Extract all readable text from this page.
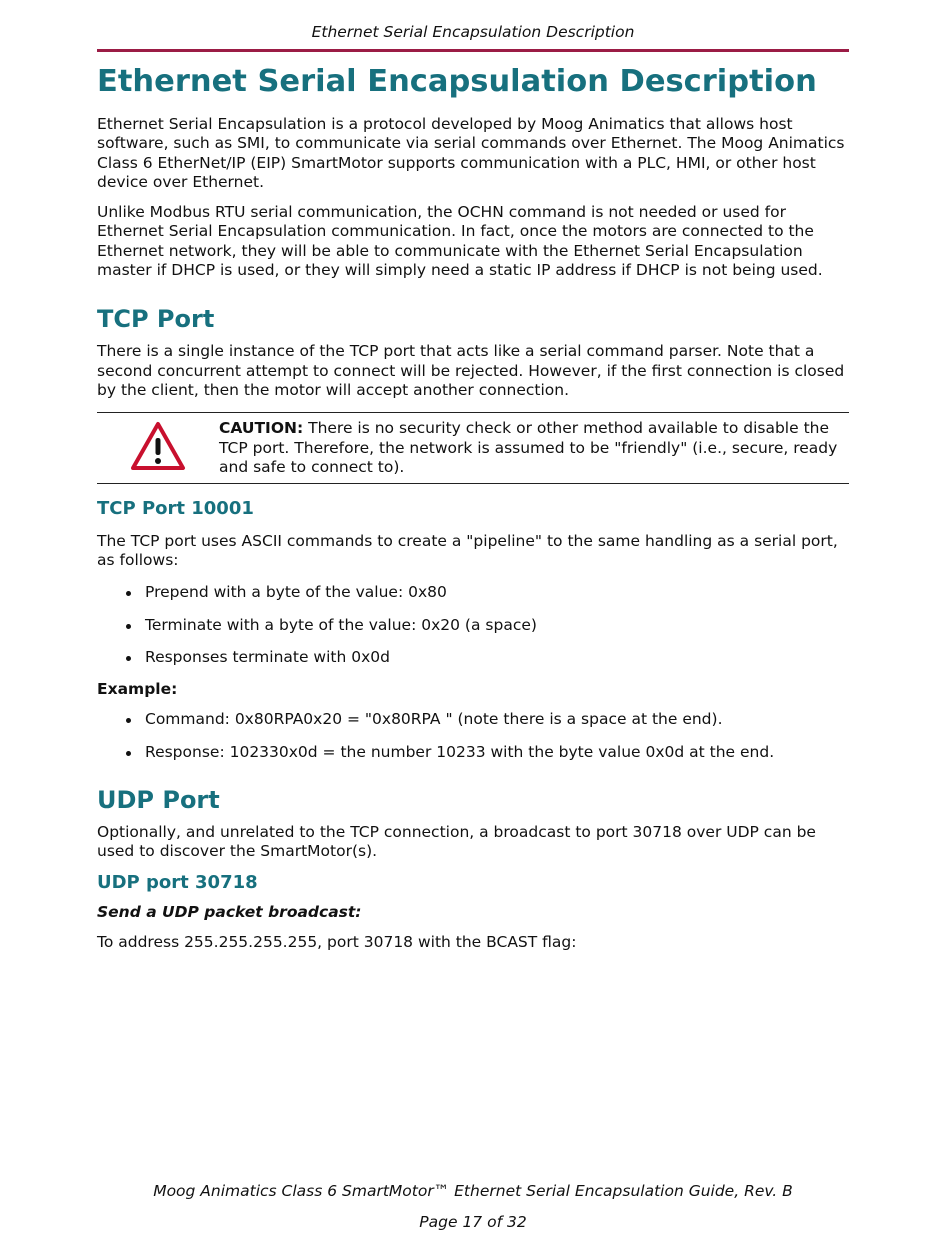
Ethernet Serial Encapsulation Description
Ethernet Serial Encapsulation Description

Ethernet Serial Encapsulation is a protocol developed by Moog Animatics that allows host software, such as SMI, to communicate via serial commands over Ethernet. The Moog Animatics Class 6 EtherNet/IP (EIP) SmartMotor supports communication with a PLC, HMI, or other host device over Ethernet.

Unlike Modbus RTU serial communication, the OCHN command is not needed or used for Ethernet Serial Encapsulation communication. In fact, once the motors are connected to the Ethernet network, they will be able to communicate with the Ethernet Serial Encapsulation master if DHCP is used, or they will simply need a static IP address if DHCP is not being used.

TCP Port

There is a single instance of the TCP port that acts like a serial command parser. Note that a second concurrent attempt to connect will be rejected. However, if the first connection is closed by the client, then the motor will accept another connection.

CAUTION: There is no security check or other method available to disable the TCP port. Therefore, the network is assumed to be "friendly" (i.e., secure, ready and safe to connect to).
TCP Port 10001

The TCP port uses ASCII commands to create a "pipeline" to the same handling as a serial port, as follows:

Prepend with a byte of the value: 0x80
Terminate with a byte of the value: 0x20 (a space)
Responses terminate with 0x0d

Example:

Command: 0x80RPA0x20 = "0x80RPA " (note there is a space at the end).
Response: 102330x0d = the number 10233 with the byte value 0x0d at the end.
UDP Port

Optionally, and unrelated to the TCP connection, a broadcast to port 30718 over UDP can be used to discover the SmartMotor(s).

UDP port 30718

Send a UDP packet broadcast:

To address 255.255.255.255, port 30718 with the BCAST flag:

Moog Animatics Class 6 SmartMotor™ Ethernet Serial Encapsulation Guide, Rev. B
Page 17 of 32
